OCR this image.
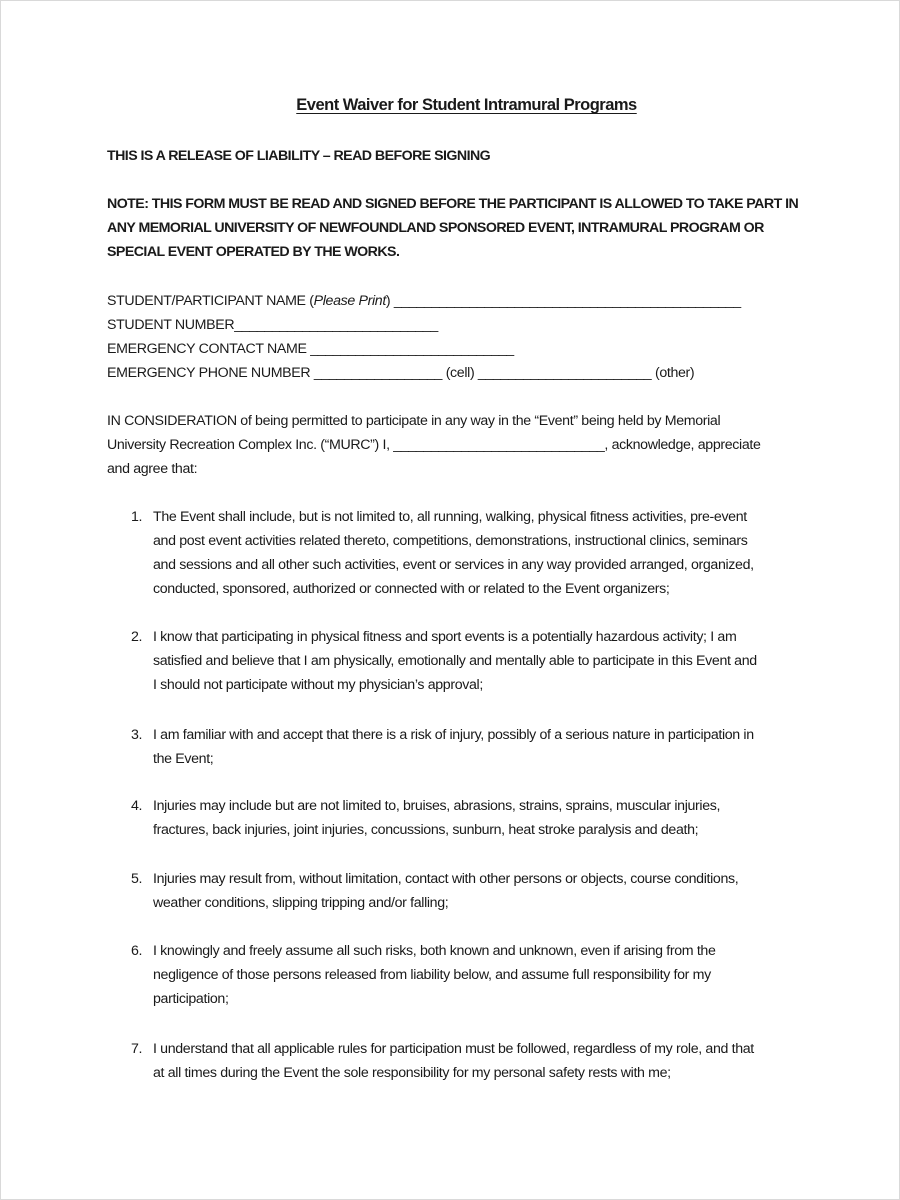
Event Waiver for Student Intramural Programs
THIS IS A RELEASE OF LIABILITY – READ BEFORE SIGNING
NOTE: THIS FORM MUST BE READ AND SIGNED BEFORE THE PARTICIPANT IS ALLOWED TO TAKE PART IN
ANY MEMORIAL UNIVERSITY OF NEWFOUNDLAND SPONSORED EVENT, INTRAMURAL PROGRAM OR
SPECIAL EVENT OPERATED BY THE WORKS.
STUDENT/PARTICIPANT NAME (Please Print) ______________________________________________
STUDENT NUMBER___________________________
EMERGENCY CONTACT NAME ___________________________
EMERGENCY PHONE NUMBER _________________ (cell) _______________________ (other)
IN CONSIDERATION of being permitted to participate in any way in the “Event” being held by Memorial
University Recreation Complex Inc. (“MURC”) I, ____________________________, acknowledge, appreciate
and agree that:
1. The Event shall include, but is not limited to, all running, walking, physical fitness activities, pre-event
and post event activities related thereto, competitions, demonstrations, instructional clinics, seminars
and sessions and all other such activities, event or services in any way provided arranged, organized,
conducted, sponsored, authorized or connected with or related to the Event organizers;
2. I know that participating in physical fitness and sport events is a potentially hazardous activity; I am
satisfied and believe that I am physically, emotionally and mentally able to participate in this Event and
I should not participate without my physician’s approval;
3. I am familiar with and accept that there is a risk of injury, possibly of a serious nature in participation in
the Event;
4. Injuries may include but are not limited to, bruises, abrasions, strains, sprains, muscular injuries,
fractures, back injuries, joint injuries, concussions, sunburn, heat stroke paralysis and death;
5. Injuries may result from, without limitation, contact with other persons or objects, course conditions,
weather conditions, slipping tripping and/or falling;
6. I knowingly and freely assume all such risks, both known and unknown, even if arising from the
negligence of those persons released from liability below, and assume full responsibility for my
participation;
7. I understand that all applicable rules for participation must be followed, regardless of my role, and that
at all times during the Event the sole responsibility for my personal safety rests with me;
